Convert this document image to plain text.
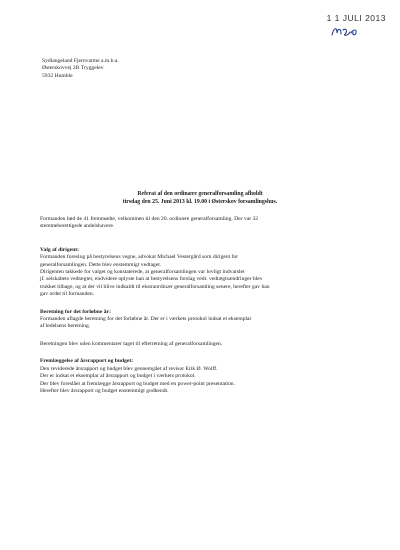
1 1 JULI 2013
Sydlangeland Fjernvarme a.m.b.a.
Østerskovvej 2B Tryggelev
5932 Humble
Referat af den ordinære generalforsamling afholdt
tirsdag den 25. Juni 2013 kl. 19.00 i Østerskov forsamlingshus.

Formanden bød de 41 fremmødte, velkommen til den 20. ordinære generalforsamling. Der var 32

stemmeberettigede andelshavere.

Valg af dirigent:

Formanden foreslog på bestyrelsens vegne, advokat Michael Vestergård som dirigent for

generalforsamlingen. Dette blev enstemmigt vedtaget.

Dirigenten takkede for valget og konstaterede, at generalforsamlingen var lovligt indvarslet

jf. selskabets vedtægter, endvidere oplyste han at bestyrelsens forslag vedr. vedtægtsændringer blev

trukket tilbage, og at der vil blive indkaldt til ekstraordinær generalforsamling senere, herefter gav han

gav ordet til formanden.

Beretning for det forløbne år:

Formanden aflagde beretning for det forløbne år. Der er i værkets protokol indsat et eksemplar

af ledelsens beretning.

Beretningen blev uden kommentarer taget til efterretning af generalforsamlingen.

Fremlæggelse af årsrapport og budget:

Den reviderede årsrapport og budget blev gennemgået af revisor Erik Ø. Wolff.

Der er indsat et eksemplar af årsrapport og budget i værkets protokol.

Der blev foreslået at fremlægge årsrapport og budget med en power-point presentation.

Herefter blev årsrapport og budget enstemmigt godkendt.
